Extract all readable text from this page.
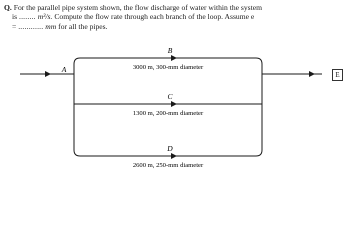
Q. For the parallel pipe system shown, the flow discharge of water within the system
is ........ m³/s. Compute the flow rate through each branch of the loop. Assume e
= ............ mm for all the pipes.
A
B
C
D
3000 m, 300-mm diameter
1300 m, 200-mm diameter
2600 m, 250-mm diameter
E
